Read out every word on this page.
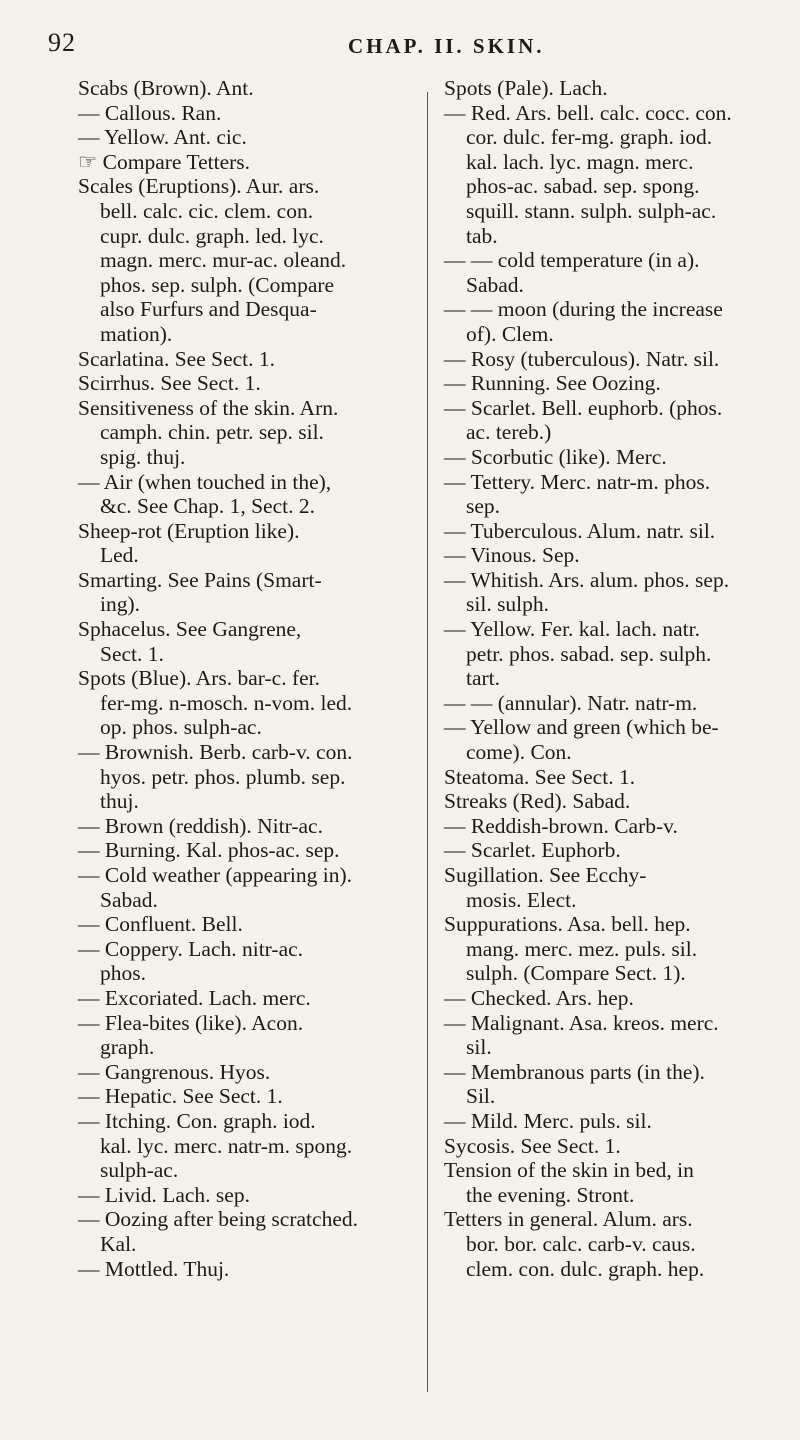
92	CHAP. II. SKIN.
Scabs (Brown). Ant.
— Callous. Ran.
— Yellow. Ant. cic.
☞ Compare Tetters.
Scales (Eruptions). Aur. ars.
bell. calc. cic. clem. con.
cupr. dulc. graph. led. lyc.
magn. merc. mur-ac. oleand.
phos. sep. sulph. (Compare
also Furfurs and Desqua-
mation).
Scarlatina. See Sect. 1.
Scirrhus. See Sect. 1.
Sensitiveness of the skin. Arn.
camph. chin. petr. sep. sil.
spig. thuj.
— Air (when touched in the),
&c. See Chap. 1, Sect. 2.
Sheep-rot (Eruption like).
Led.
Smarting. See Pains (Smart-
ing).
Sphacelus. See Gangrene,
Sect. 1.
Spots (Blue). Ars. bar-c. fer.
fer-mg. n-mosch. n-vom. led.
op. phos. sulph-ac.
— Brownish. Berb. carb-v. con.
hyos. petr. phos. plumb. sep.
thuj.
— Brown (reddish). Nitr-ac.
— Burning. Kal. phos-ac. sep.
— Cold weather (appearing in).
Sabad.
— Confluent. Bell.
— Coppery. Lach. nitr-ac.
phos.
— Excoriated. Lach. merc.
— Flea-bites (like). Acon.
graph.
— Gangrenous. Hyos.
— Hepatic. See Sect. 1.
— Itching. Con. graph. iod.
kal. lyc. merc. natr-m. spong.
sulph-ac.
— Livid. Lach. sep.
— Oozing after being scratched.
Kal.
— Mottled. Thuj.
Spots (Pale). Lach.
— Red. Ars. bell. calc. cocc. con.
cor. dulc. fer-mg. graph. iod.
kal. lach. lyc. magn. merc.
phos-ac. sabad. sep. spong.
squill. stann. sulph. sulph-ac.
tab.
— — cold temperature (in a).
Sabad.
— — moon (during the increase
of). Clem.
— Rosy (tuberculous). Natr. sil.
— Running. See Oozing.
— Scarlet. Bell. euphorb. (phos.
ac. tereb.)
— Scorbutic (like). Merc.
— Tettery. Merc. natr-m. phos.
sep.
— Tuberculous. Alum. natr. sil.
— Vinous. Sep.
— Whitish. Ars. alum. phos. sep.
sil. sulph.
— Yellow. Fer. kal. lach. natr.
petr. phos. sabad. sep. sulph.
tart.
— — (annular). Natr. natr-m.
— Yellow and green (which be-
come). Con.
Steatoma. See Sect. 1.
Streaks (Red). Sabad.
— Reddish-brown. Carb-v.
— Scarlet. Euphorb.
Sugillation. See Ecchy-
mosis. Elect.
Suppurations. Asa. bell. hep.
mang. merc. mez. puls. sil.
sulph. (Compare Sect. 1).
— Checked. Ars. hep.
— Malignant. Asa. kreos. merc.
sil.
— Membranous parts (in the).
Sil.
— Mild. Merc. puls. sil.
Sycosis. See Sect. 1.
Tension of the skin in bed, in
the evening. Stront.
Tetters in general. Alum. ars.
bor. bor. calc. carb-v. caus.
clem. con. dulc. graph. hep.
